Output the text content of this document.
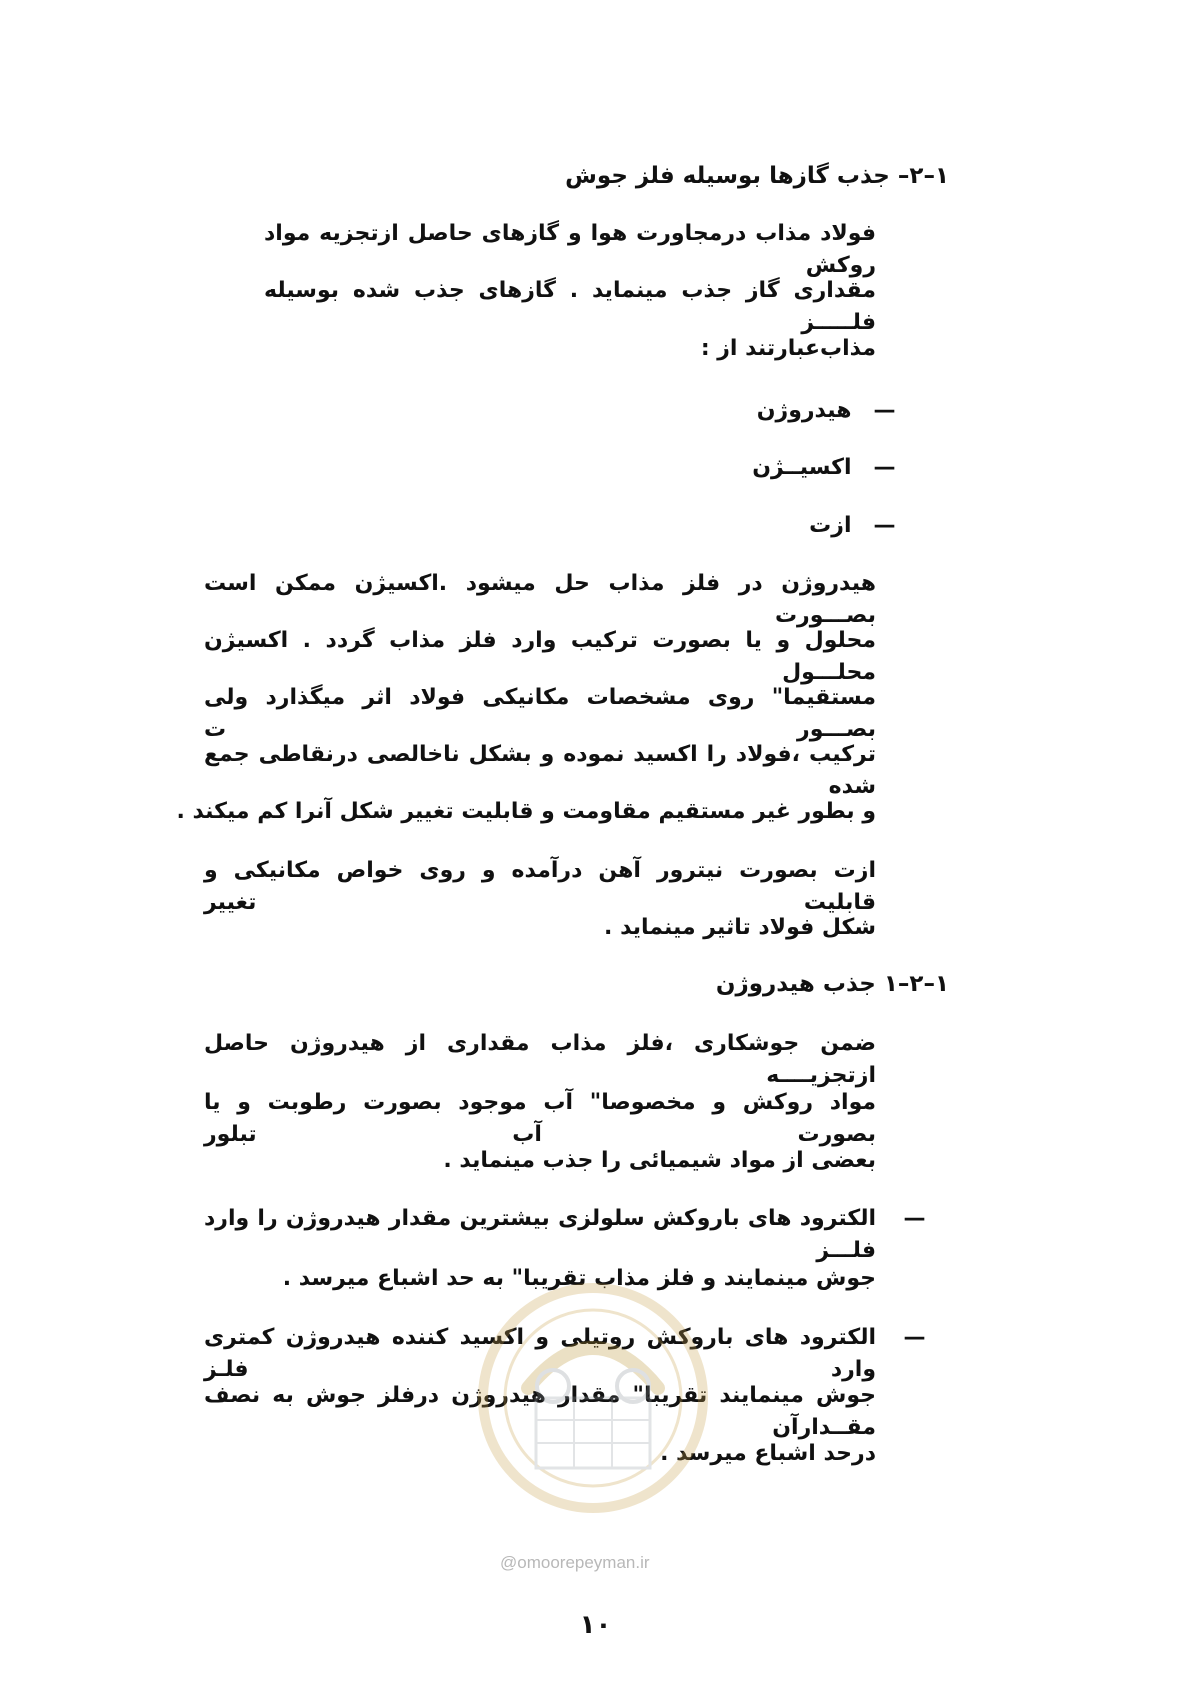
۱–۲– جذب گازها بوسیله فلز جوش
فولاد مذاب درمجاورت هوا و گازهای حاصل ازتجزیه مواد روکش
مقداری گاز جذب مینماید . گازهای جذب شده بوسیله فلـــــز
مذاب‌عبارتند از :
—هیدروژن
—اکسیــژن
—ازت
هیدروژن در فلز مذاب حل میشود .اکسیژن ممکن است بصـــورت
محلول و یا بصورت ترکیب وارد فلز مذاب گردد . اکسیژن محلـــول
مستقیما" روی مشخصات مکانیکی فولاد اثر میگذارد ولی بصـــور ت
ترکیب ،فولاد را اکسید نموده و بشکل ناخالصی درنقاطی جمع شده
و بطور غیر مستقیم مقاومت و قابلیت تغییر شکل آنرا کم میکند .
ازت بصورت نیترور آهن درآمده و روی خواص مکانیکی و قابلیت تغییر
شکل فولاد تاثیر مینماید .
۱–۲–۱ جذب هیدروژن
ضمن جوشکاری ،فلز مذاب مقداری از هیدروژن حاصل ازتجزیــــه
مواد روکش و مخصوصا" آب موجود بصورت رطوبت و یا بصورت آب تبلور
بعضی از مواد شیمیائی را جذب مینماید .
—
الکترود های باروکش سلولزی بیشترین مقدار هیدروژن را وارد فلـــز
جوش مینمایند و فلز مذاب تقریبا" به حد اشباع میرسد .
—
الکترود های باروکش روتیلی و اکسید کننده هیدروژن کمتری وارد فلـز
جوش مینمایند تقریبا" مقدار هیدروژن درفلز جوش به نصف مقــدارآن
درحد اشباع میرسد .
@omoorepeyman.ir
۱۰
